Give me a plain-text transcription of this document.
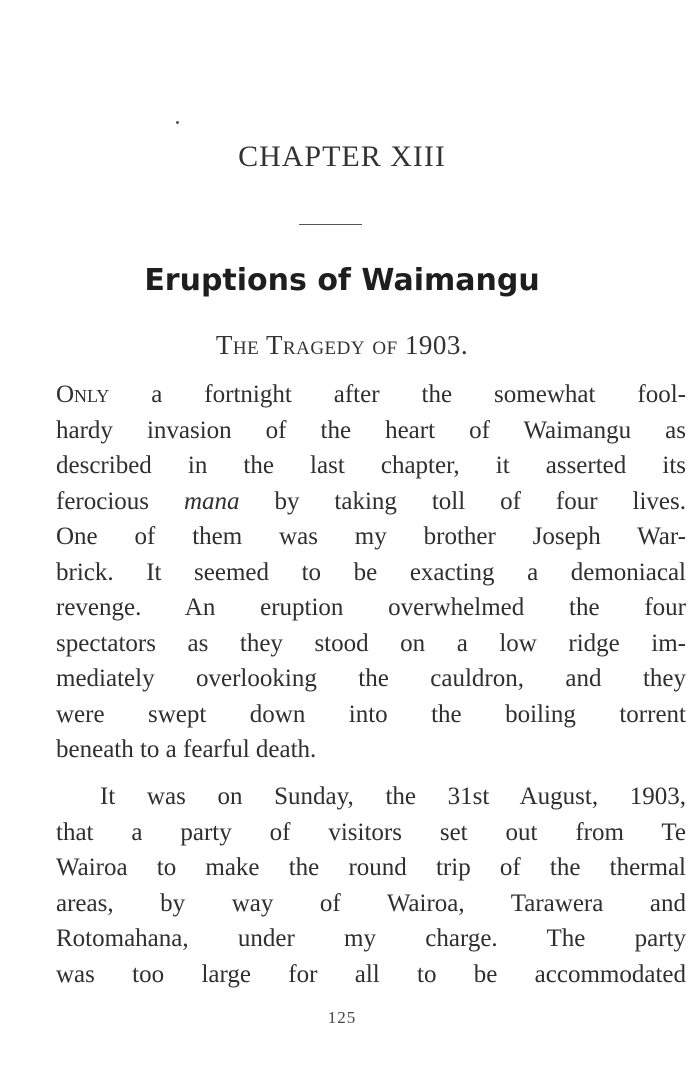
CHAPTER XIII
Eruptions of Waimangu
The Tragedy of 1903.
Only a fortnight after the somewhat fool-
hardy invasion of the heart of Waimangu as
described in the last chapter, it asserted its
ferocious mana by taking toll of four lives.
One of them was my brother Joseph War-
brick. It seemed to be exacting a demoniacal
revenge. An eruption overwhelmed the four
spectators as they stood on a low ridge im-
mediately overlooking the cauldron, and they
were swept down into the boiling torrent
beneath to a fearful death.
It was on Sunday, the 31st August, 1903,
that a party of visitors set out from Te
Wairoa to make the round trip of the thermal
areas, by way of Wairoa, Tarawera and
Rotomahana, under my charge. The party
was too large for all to be accommodated
125
